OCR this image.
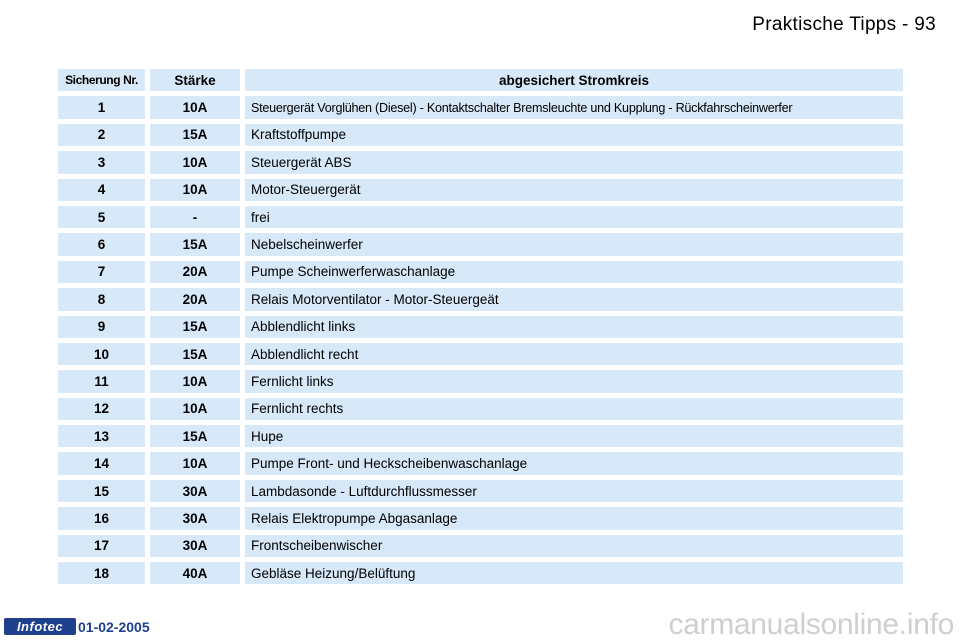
Praktische Tipps - 93
Sicherung Nr.	Stärke	abgesichert Stromkreis
1	10A	Steuergerät Vorglühen (Diesel) - Kontaktschalter Bremsleuchte und Kupplung - Rückfahrscheinwerfer
2	15A	Kraftstoffpumpe
3	10A	Steuergerät ABS
4	10A	Motor-Steuergerät
5	-	frei
6	15A	Nebelscheinwerfer
7	20A	Pumpe Scheinwerferwaschanlage
8	20A	Relais Motorventilator - Motor-Steuergeät
9	15A	Abblendlicht links
10	15A	Abblendlicht recht
11	10A	Fernlicht links
12	10A	Fernlicht rechts
13	15A	Hupe
14	10A	Pumpe Front- und Heckscheibenwaschanlage
15	30A	Lambdasonde - Luftdurchflussmesser
16	30A	Relais Elektropumpe Abgasanlage
17	30A	Frontscheibenwischer
18	40A	Gebläse Heizung/Belüftung
Infotec	01-02-2005	carmanualsonline.info
